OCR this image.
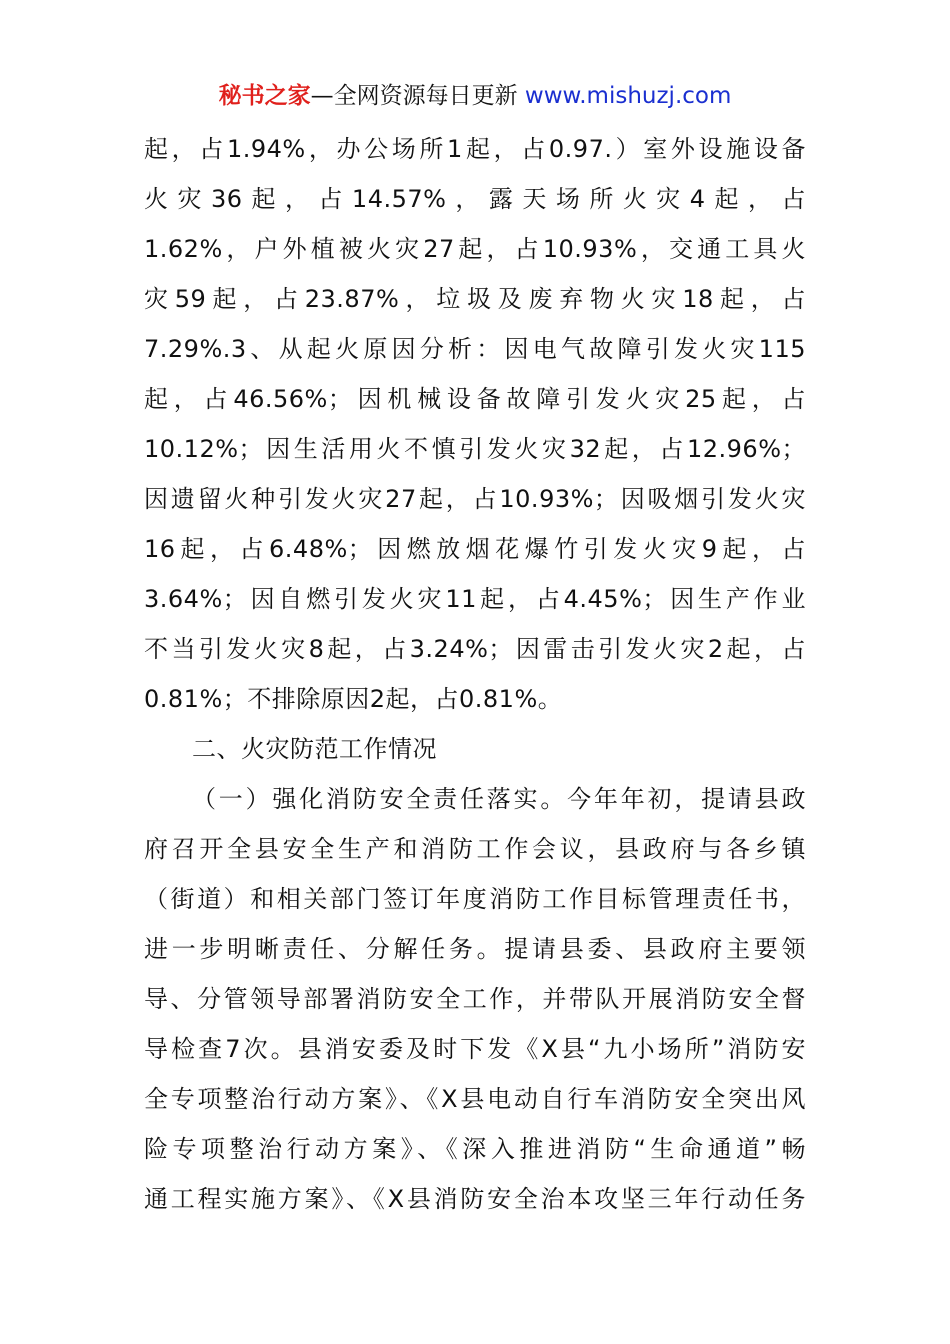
秘书之家—全网资源每日更新 www.mishuzj.com
起，占1.94%，办公场所1起，占0.97.）室外设施设备
火灾36起，占14.57%，露天场所火灾4起，占
1.62%，户外植被火灾27起，占10.93%，交通工具火
灾59起，占23.87%，垃圾及废弃物火灾18起，占
7.29%.3、从起火原因分析：因电气故障引发火灾115
起，占46.56%；因机械设备故障引发火灾25起，占
10.12%；因生活用火不慎引发火灾32起，占12.96%；
因遗留火种引发火灾27起，占10.93%；因吸烟引发火灾
16起，占6.48%；因燃放烟花爆竹引发火灾9起，占
3.64%；因自燃引发火灾11起，占4.45%；因生产作业
不当引发火灾8起，占3.24%；因雷击引发火灾2起，占
0.81%；不排除原因2起，占0.81%。
二、火灾防范工作情况
（一）强化消防安全责任落实。今年年初，提请县政
府召开全县安全生产和消防工作会议，县政府与各乡镇
（街道）和相关部门签订年度消防工作目标管理责任书，
进一步明晰责任、分解任务。提请县委、县政府主要领
导、分管领导部署消防安全工作，并带队开展消防安全督
导检查7次。县消安委及时下发《X县“九小场所”消防安
全专项整治行动方案》、《X县电动自行车消防安全突出风
险专项整治行动方案》、《深入推进消防“生命通道”畅
通工程实施方案》、《X县消防安全治本攻坚三年行动任务
